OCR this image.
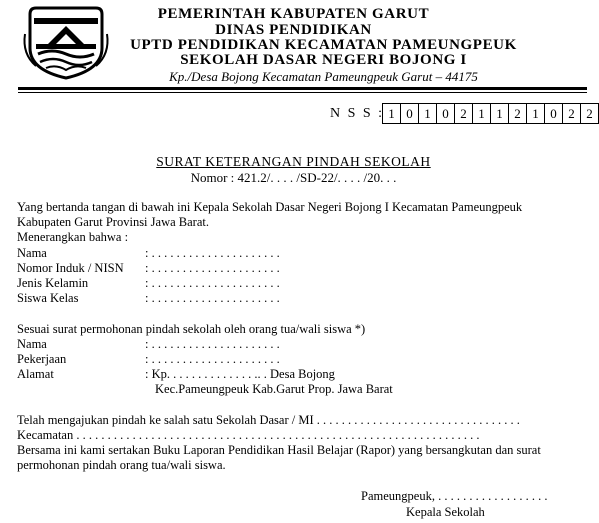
PEMERINTAH KABUPATEN GARUT
DINAS PENDIDIKAN
UPTD PENDIDIKAN KECAMATAN PAMEUNGPEUK
SEKOLAH DASAR NEGERI BOJONG I
Kp./Desa Bojong Kecamatan Pameungpeuk Garut – 44175
N S S : 1 0 1 0 2 1 1 2 1 0 2 2
SURAT KETERANGAN PINDAH SEKOLAH
Nomor : 421.2/. . . . /SD-22/. . . . /20. . .
Yang bertanda tangan di bawah ini Kepala Sekolah Dasar Negeri Bojong I Kecamatan Pameungpeuk
Kabupaten Garut Provinsi Jawa Barat.
Menerangkan bahwa :
Nama	: . . . . . . . . . . . . . . . . . . . . .
Nomor Induk / NISN : . . . . . . . . . . . . . . . . . . . . .
Jenis Kelamin	: . . . . . . . . . . . . . . . . . . . . .
Siswa Kelas	: . . . . . . . . . . . . . . . . . . . . .
Sesuai surat permohonan pindah sekolah oleh orang tua/wali siswa *)
Nama	: . . . . . . . . . . . . . . . . . . . . .
Pekerjaan	: . . . . . . . . . . . . . . . . . . . . .
Alamat	: Kp. . . . . . . . . . . . . . .. . Desa Bojong
Kec.Pameungpeuk Kab.Garut Prop. Jawa Barat
Telah mengajukan pindah ke salah satu Sekolah Dasar / MI . . . . . . . . . . . . . . . . . . . . . . . . . . . . . . . . .
Kecamatan . . . . . . . . . . . . . . . . . . . . . . . . . . . . . . . . . . . . . . . . . . . . . . . . . . . . . . . . . . . . . . . . .
Bersama ini kami sertakan Buku Laporan Pendidikan Hasil Belajar (Rapor) yang bersangkutan dan surat
permohonan pindah orang tua/wali siswa.
Pameungpeuk, . . . . . . . . . . . . . . . . . .
Kepala Sekolah
